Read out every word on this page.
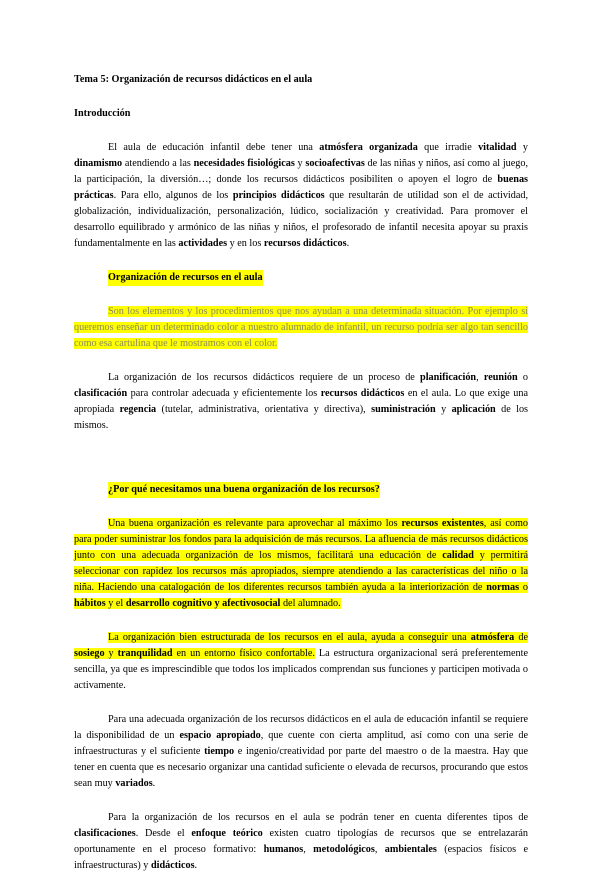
Tema 5: Organización de recursos didácticos en el aula
Introducción

El aula de educación infantil debe tener una atmósfera organizada que irradie vitalidad y dinamismo atendiendo a las necesidades fisiológicas y socioafectivas de las niñas y niños, así como al juego, la participación, la diversión…; donde los recursos didácticos posibiliten o apoyen el logro de buenas prácticas. Para ello, algunos de los principios didácticos que resultarán de utilidad son el de actividad, globalización, individualización, personalización, lúdico, socialización y creatividad. Para promover el desarrollo equilibrado y armónico de las niñas y niños, el profesorado de infantil necesita apoyar su praxis fundamentalmente en las actividades y en los recursos didácticos.

Organización de recursos en el aula

Son los elementos y los procedimientos que nos ayudan a una determinada situación. Por ejemplo si queremos enseñar un determinado color a nuestro alumnado de infantil, un recurso podría ser algo tan sencillo como esa cartulina que le mostramos con el color.

La organización de los recursos didácticos requiere de un proceso de planificación, reunión o clasificación para controlar adecuada y eficientemente los recursos didácticos en el aula. Lo que exige una apropiada regencia (tutelar, administrativa, orientativa y directiva), suministración y aplicación de los mismos.

¿Por qué necesitamos una buena organización de los recursos?

Una buena organización es relevante para aprovechar al máximo los recursos existentes, así como para poder suministrar los fondos para la adquisición de más recursos. La afluencia de más recursos didácticos junto con una adecuada organización de los mismos, facilitará una educación de calidad y permitirá seleccionar con rapidez los recursos más apropiados, siempre atendiendo a las características del niño o la niña. Haciendo una catalogación de los diferentes recursos también ayuda a la interiorización de normas o hábitos y el desarrollo cognitivo y afectivosocial del alumnado.

La organización bien estructurada de los recursos en el aula, ayuda a conseguir una atmósfera de sosiego y tranquilidad en un entorno físico confortable. La estructura organizacional será preferentemente sencilla, ya que es imprescindible que todos los implicados comprendan sus funciones y participen motivada o activamente.

Para una adecuada organización de los recursos didácticos en el aula de educación infantil se requiere la disponibilidad de un espacio apropiado, que cuente con cierta amplitud, así como con una serie de infraestructuras y el suficiente tiempo e ingenio/creatividad por parte del maestro o de la maestra. Hay que tener en cuenta que es necesario organizar una cantidad suficiente o elevada de recursos, procurando que estos sean muy variados.

Para la organización de los recursos en el aula se podrán tener en cuenta diferentes tipos de clasificaciones. Desde el enfoque teórico existen cuatro tipologías de recursos que se entrelazarán oportunamente en el proceso formativo: humanos, metodológicos, ambientales (espacios físicos e infraestructuras) y didácticos.
